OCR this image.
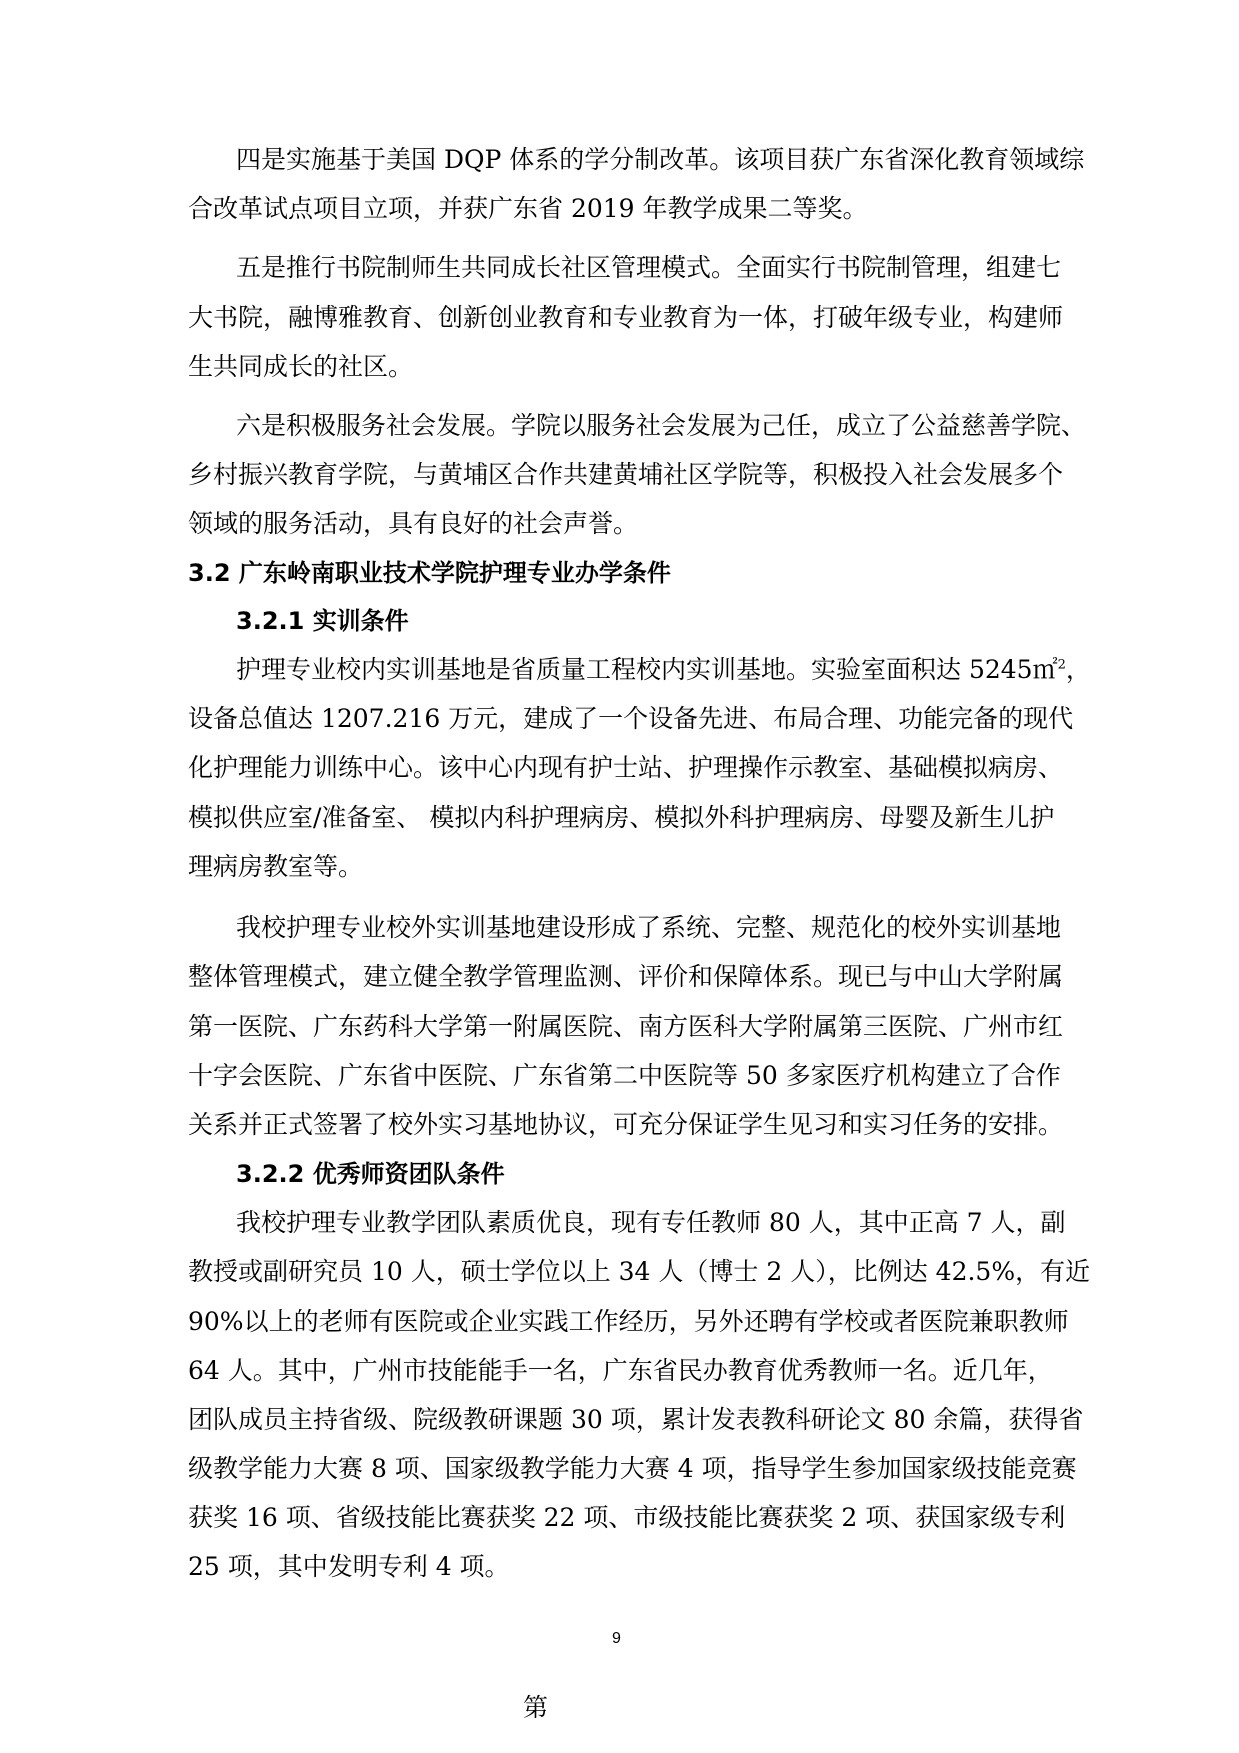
四是实施基于美国 DQP 体系的学分制改革。该项目获广东省深化教育领域综
合改革试点项目立项，并获广东省 2019 年教学成果二等奖。
五是推行书院制师生共同成长社区管理模式。全面实行书院制管理，组建七
大书院，融博雅教育、创新创业教育和专业教育为一体，打破年级专业，构建师
生共同成长的社区。
六是积极服务社会发展。学院以服务社会发展为己任，成立了公益慈善学院、
乡村振兴教育学院，与黄埔区合作共建黄埔社区学院等，积极投入社会发展多个
领域的服务活动，具有良好的社会声誉。
3.2 广东岭南职业技术学院护理专业办学条件
3.2.1 实训条件
护理专业校内实训基地是省质量工程校内实训基地。实验室面积达 5245㎡$^2$，
设备总值达 1207.216 万元，建成了一个设备先进、布局合理、功能完备的现代
化护理能力训练中心。该中心内现有护士站、护理操作示教室、基础模拟病房、
模拟供应室/准备室、 模拟内科护理病房、模拟外科护理病房、母婴及新生儿护
理病房教室等。
我校护理专业校外实训基地建设形成了系统、完整、规范化的校外实训基地
整体管理模式，建立健全教学管理监测、评价和保障体系。现已与中山大学附属
第一医院、广东药科大学第一附属医院、南方医科大学附属第三医院、广州市红
十字会医院、广东省中医院、广东省第二中医院等 50 多家医疗机构建立了合作
关系并正式签署了校外实习基地协议，可充分保证学生见习和实习任务的安排。
3.2.2 优秀师资团队条件
我校护理专业教学团队素质优良，现有专任教师 80 人，其中正高 7 人，副
教授或副研究员 10 人，硕士学位以上 34 人（博士 2 人），比例达 42.5%，有近
90%以上的老师有医院或企业实践工作经历，另外还聘有学校或者医院兼职教师
64 人。其中，广州市技能能手一名，广东省民办教育优秀教师一名。近几年，
团队成员主持省级、院级教研课题 30 项，累计发表教科研论文 80 余篇，获得省
级教学能力大赛 8 项、国家级教学能力大赛 4 项，指导学生参加国家级技能竞赛
获奖 16 项、省级技能比赛获奖 22 项、市级技能比赛获奖 2 项、获国家级专利
25 项，其中发明专利 4 项。
9
第
